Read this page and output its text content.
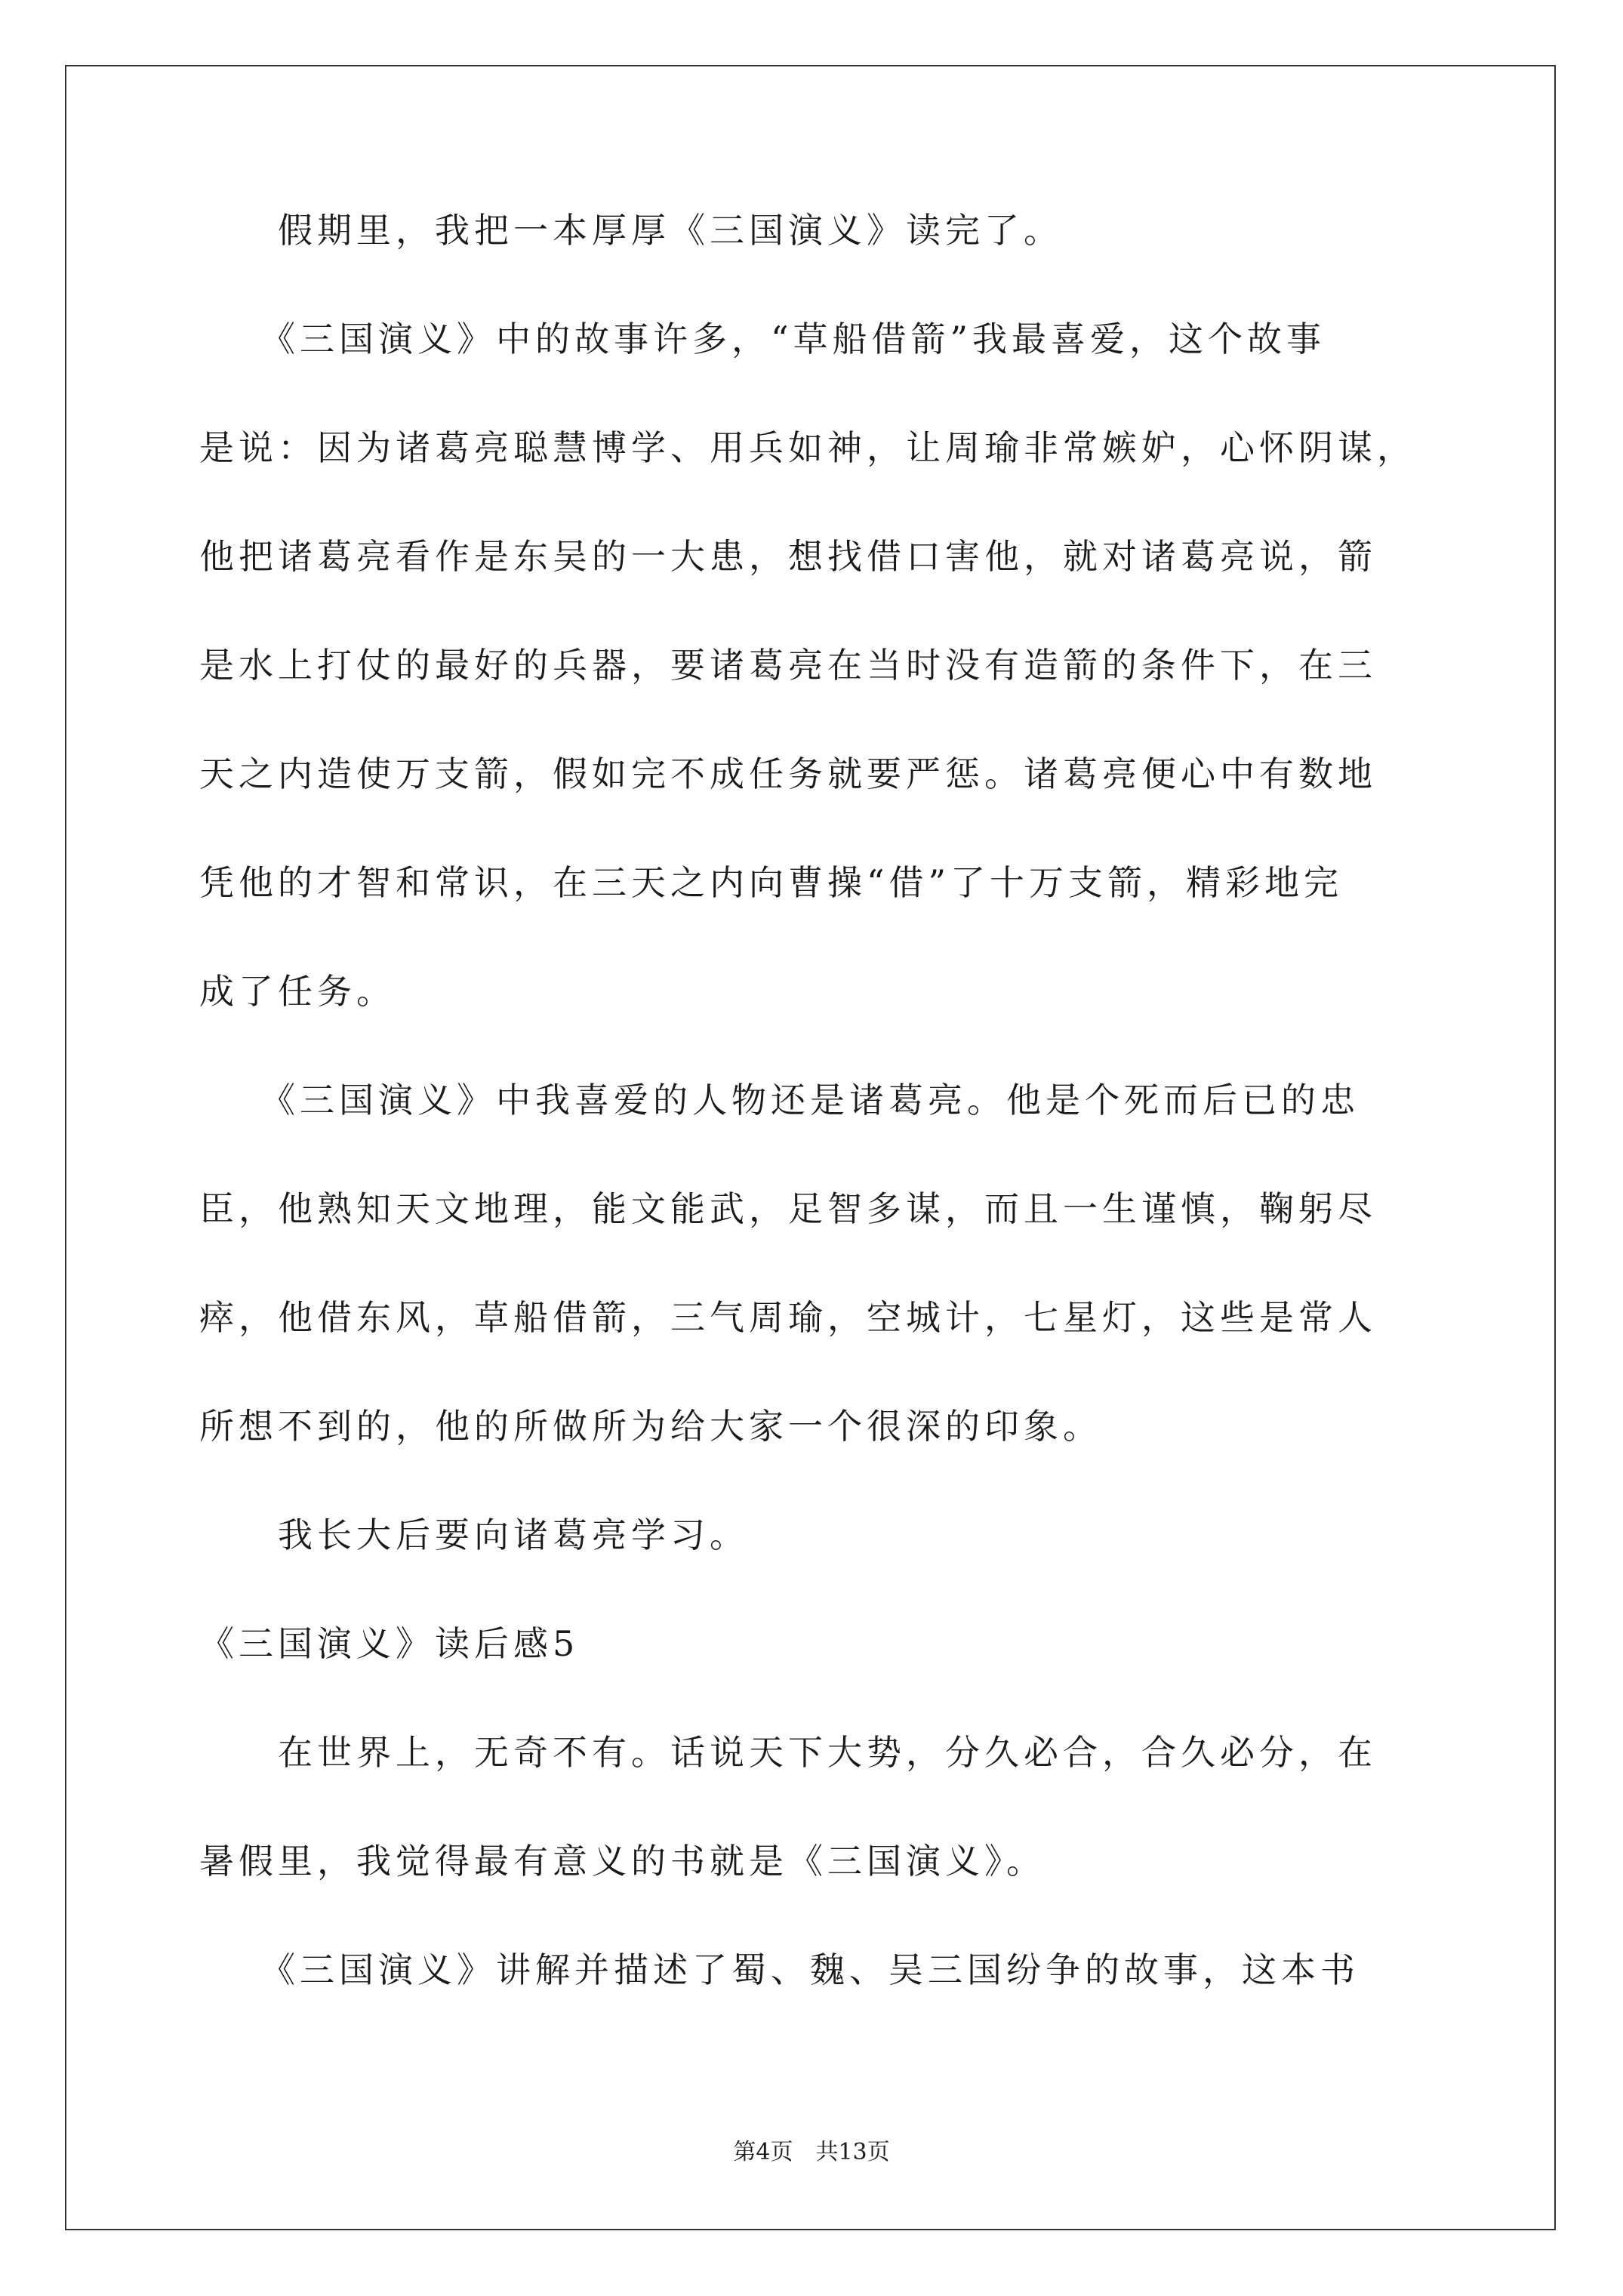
　　假期里，我把一本厚厚《三国演义》读完了。
　　《三国演义》中的故事许多，“草船借箭”我最喜爱，这个故事
是说：因为诸葛亮聪慧博学、用兵如神，让周瑜非常嫉妒，心怀阴谋，
他把诸葛亮看作是东吴的一大患，想找借口害他，就对诸葛亮说，箭
是水上打仗的最好的兵器，要诸葛亮在当时没有造箭的条件下，在三
天之内造使万支箭，假如完不成任务就要严惩。诸葛亮便心中有数地
凭他的才智和常识，在三天之内向曹操“借”了十万支箭，精彩地完
成了任务。
　　《三国演义》中我喜爱的人物还是诸葛亮。他是个死而后已的忠
臣，他熟知天文地理，能文能武，足智多谋，而且一生谨慎，鞠躬尽
瘁，他借东风，草船借箭，三气周瑜，空城计，七星灯，这些是常人
所想不到的，他的所做所为给大家一个很深的印象。
　　我长大后要向诸葛亮学习。
《三国演义》读后感5
　　在世界上，无奇不有。话说天下大势，分久必合，合久必分，在
暑假里，我觉得最有意义的书就是《三国演义》。
　　《三国演义》讲解并描述了蜀、魏、吴三国纷争的故事，这本书
第4页　共13页
